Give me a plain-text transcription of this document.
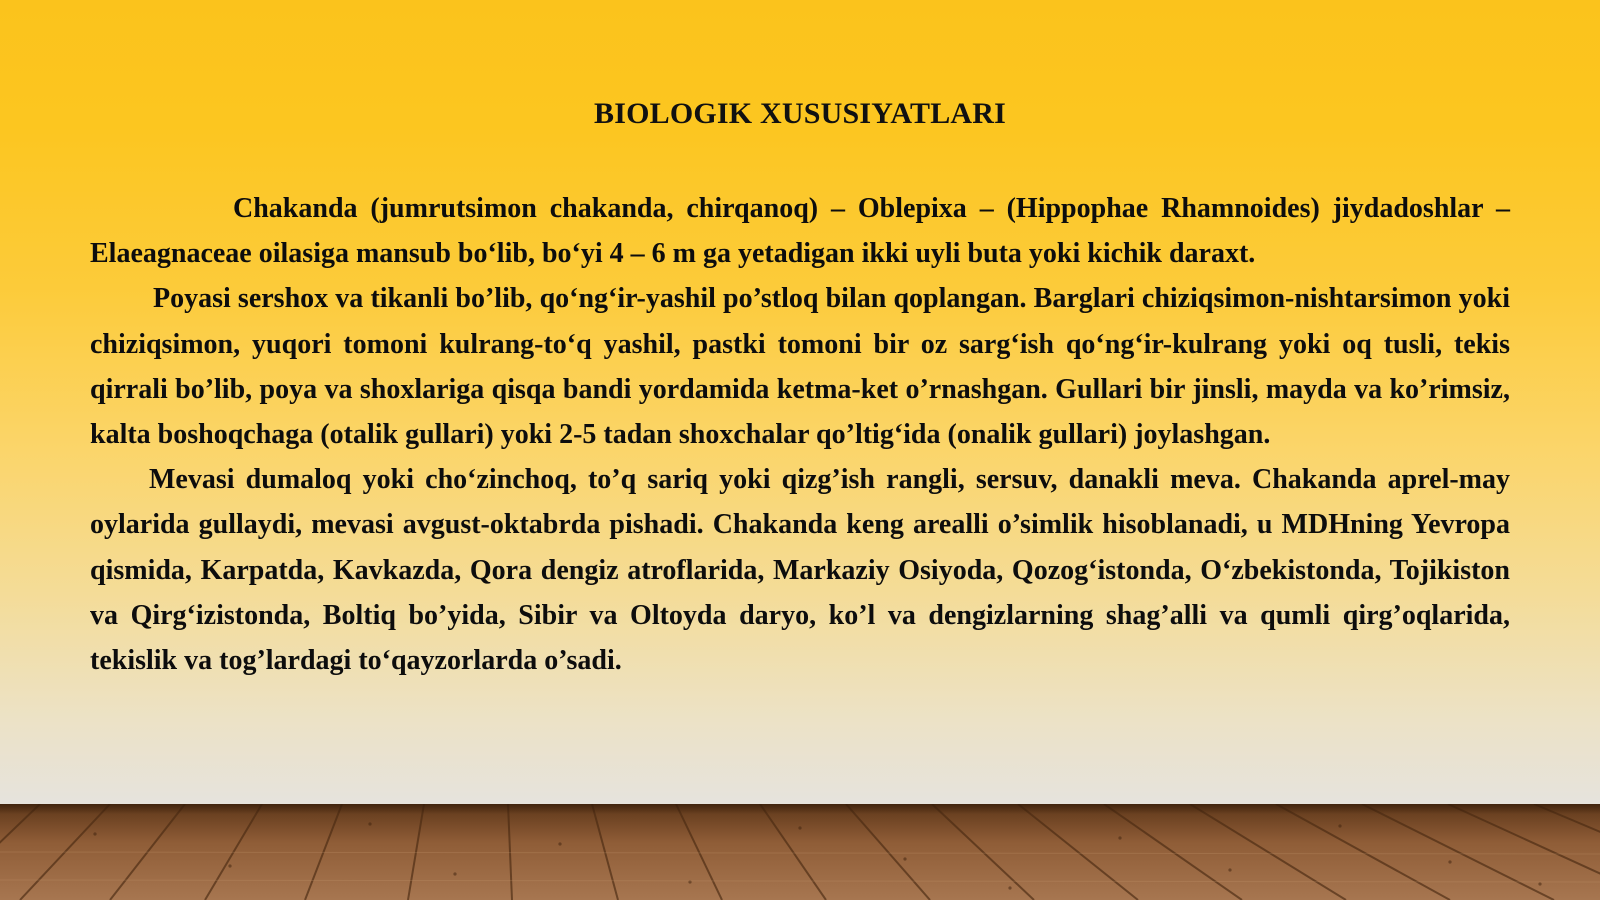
BIOLOGIK XUSUSIYATLARI

Chakanda (jumrutsimon chakanda, chirqanoq) – Oblepixa – (Hippophae Rhamnoides) jiydadoshlar – Elaeagnaceae oilasiga mansub bo‘lib, bo‘yi 4 – 6 m ga yetadigan ikki uyli buta yoki kichik daraxt.

Poyasi sershox va tikanli bo’lib, qo‘ng‘ir-yashil po’stloq bilan qoplangan. Barglari chiziqsimon-nishtarsimon yoki chiziqsimon, yuqori tomoni kulrang-to‘q yashil, pastki tomoni bir oz sarg‘ish qo‘ng‘ir-kulrang yoki oq tusli, tekis qirrali bo’lib, poya va shoxlariga qisqa bandi yordamida ketma-ket o’rnashgan. Gullari bir jinsli, mayda va ko’rimsiz, kalta boshoqchaga (otalik gullari) yoki 2-5 tadan shoxchalar qo’ltig‘ida (onalik gullari) joylashgan.

Mevasi dumaloq yoki cho‘zinchoq, to’q sariq yoki qizg’ish rangli, sersuv, danakli meva. Chakanda aprel-may oylarida gullaydi, mevasi avgust-oktabrda pishadi. Chakanda keng arealli o’simlik hisoblanadi, u MDHning Yevropa qismida, Karpatda, Kavkazda, Qora dengiz atroflarida, Markaziy Osiyoda, Qozog‘istonda, O‘zbekistonda, Tojikiston va Qirg‘izistonda, Boltiq bo’yida, Sibir va Oltoyda daryo, ko’l va dengizlarning shag’alli va qumli qirg’oqlarida, tekislik va tog’lardagi to‘qayzorlarda o’sadi.
